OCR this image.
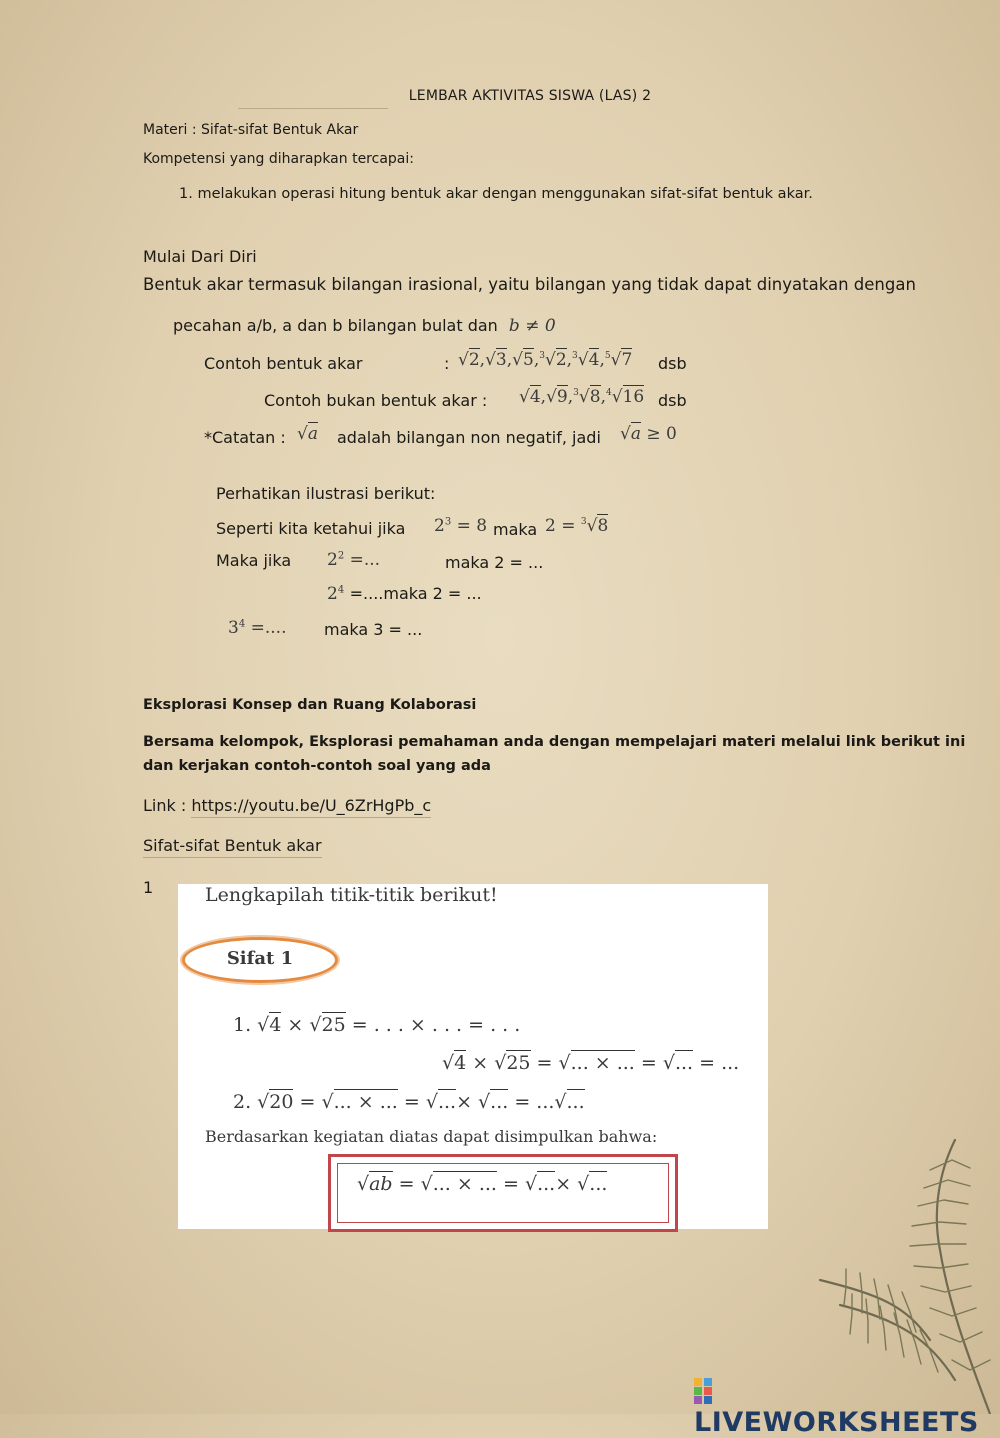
LEMBAR AKTIVITAS SISWA (LAS) 2
Materi : Sifat-sifat Bentuk Akar
Kompetensi yang diharapkan tercapai:
1. melakukan operasi hitung bentuk akar dengan menggunakan sifat-sifat bentuk akar.
Mulai Dari Diri
Bentuk akar termasuk bilangan irasional, yaitu bilangan yang tidak dapat dinyatakan dengan
pecahan a/b, a dan b bilangan bulat dan b ≠ 0
Contoh bentuk akar	: √2,√3,√5,$^3$√2,$^3$√4,$^5$√7 dsb
Contoh bukan bentuk akar : √4,√9,$^3$√8,$^4$√16 dsb
*Catatan : √a adalah bilangan non negatif, jadi √a ≥ 0
Perhatikan ilustrasi berikut:
Seperti kita ketahui jika $2^3 = 8$ maka 2 = $^3$√8
Maka jika $2^2$ =...	maka 2 = ...
$2^4$ =....maka 2 = ...
$3^4$ =.... maka 3 = ...
Eksplorasi Konsep dan Ruang Kolaborasi
Bersama kelompok, Eksplorasi pemahaman anda dengan mempelajari materi melalui link berikut ini
dan kerjakan contoh-contoh soal yang ada
Link : https://youtu.be/U_6ZrHgPb_c
Sifat-sifat Bentuk akar
1	Lengkapilah titik-titik berikut!
Sifat 1
1. √4 × √25 = . . . × . . . = . . .
√4 × √25 = √... × ... = √... = ...
2. √20 = √... × ... = √...× √... = ...√...
Berdasarkan kegiatan diatas dapat disimpulkan bahwa:
√ab = √... × ... = √...× √...
LIVEWORKSHEETS
